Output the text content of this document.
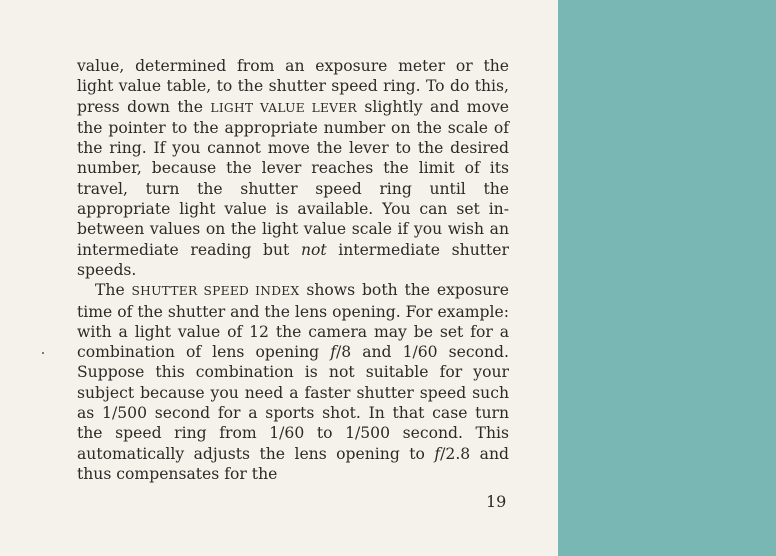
value, determined from an exposure meter or the light value table, to the shutter speed ring. To do this, press down the LIGHT VALUE LEVER slightly and move the pointer to the appropriate number on the scale of the ring. If you cannot move the lever to the desired number, because the lever reaches the limit of its travel, turn the shutter speed ring until the appropriate light value is available. You can set in-between values on the light value scale if you wish an intermediate reading but not intermediate shutter speeds.

The SHUTTER SPEED INDEX shows both the exposure time of the shutter and the lens opening. For example: with a light value of 12 the camera may be set for a combination of lens opening f/8 and 1/60 second. Suppose this combination is not suitable for your subject because you need a faster shutter speed such as 1/500 second for a sports shot. In that case turn the speed ring from 1/60 to 1/500 second. This automatically adjusts the lens opening to f/2.8 and thus compensates for the

19
